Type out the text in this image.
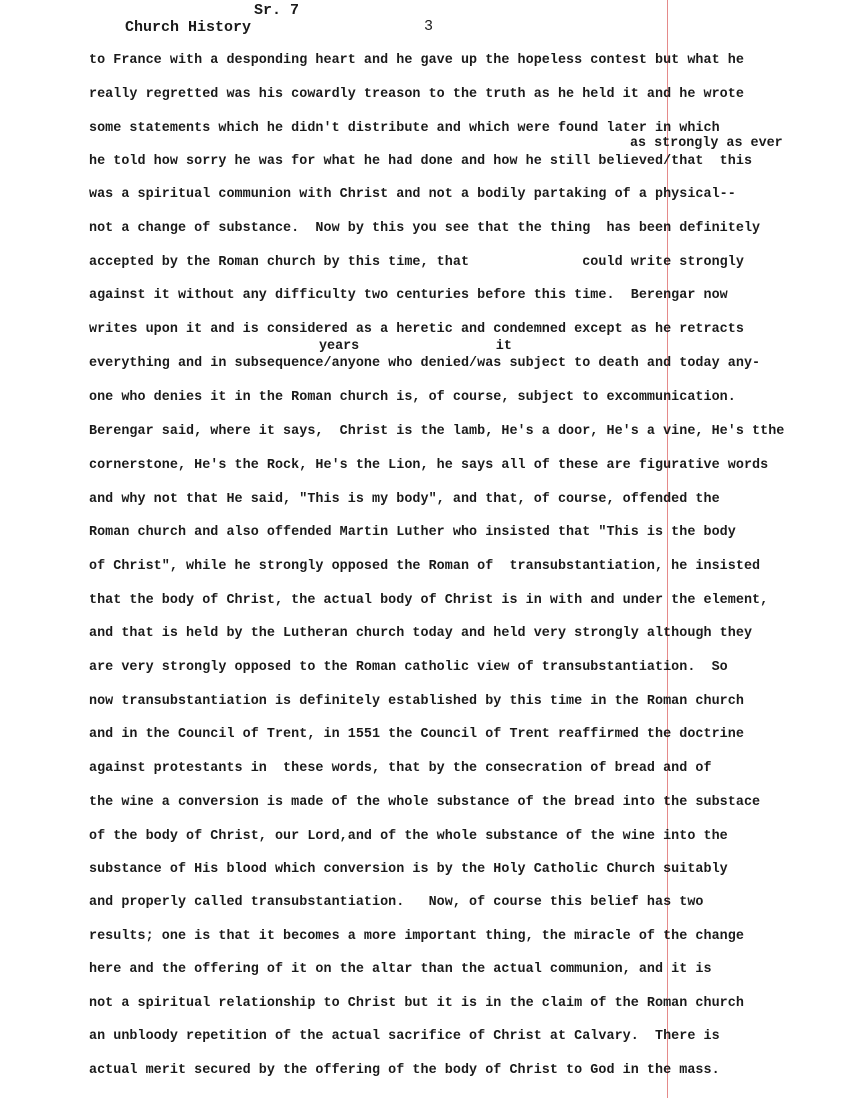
Church History

Sr. 7

3
as strongly as ever
years                 it
to France with a desponding heart and he gave up the hopeless contest but what he
really regretted was his cowardly treason to the truth as he held it and he wrote
some statements which he didn't distribute and which were found later in which
he told how sorry he was for what he had done and how he still believed/that  this
was a spiritual communion with Christ and not a bodily partaking of a physical--
not a change of substance.  Now by this you see that the thing  has been definitely
accepted by the Roman church by this time, that              could write strongly
against it without any difficulty two centuries before this time.  Berengar now
writes upon it and is considered as a heretic and condemned except as he retracts
everything and in subsequence/anyone who denied/was subject to death and today any-
one who denies it in the Roman church is, of course, subject to excommunication.
Berengar said, where it says,  Christ is the lamb, He's a door, He's a vine, He's tthe
cornerstone, He's the Rock, He's the Lion, he says all of these are figurative words
and why not that He said, "This is my body", and that, of course, offended the
Roman church and also offended Martin Luther who insisted that "This is the body
of Christ", while he strongly opposed the Roman of  transubstantiation, he insisted
that the body of Christ, the actual body of Christ is in with and under the element,
and that is held by the Lutheran church today and held very strongly although they
are very strongly opposed to the Roman catholic view of transubstantiation.  So
now transubstantiation is definitely established by this time in the Roman church
and in the Council of Trent, in 1551 the Council of Trent reaffirmed the doctrine
against protestants in  these words, that by the consecration of bread and of
the wine a conversion is made of the whole substance of the bread into the substace
of the body of Christ, our Lord,and of the whole substance of the wine into the
substance of His blood which conversion is by the Holy Catholic Church suitably
and properly called transubstantiation.   Now, of course this belief has two
results; one is that it becomes a more important thing, the miracle of the change
here and the offering of it on the altar than the actual communion, and it is
not a spiritual relationship to Christ but it is in the claim of the Roman church
an unbloody repetition of the actual sacrifice of Christ at Calvary.  There is
actual merit secured by the offering of the body of Christ to God in the mass.
